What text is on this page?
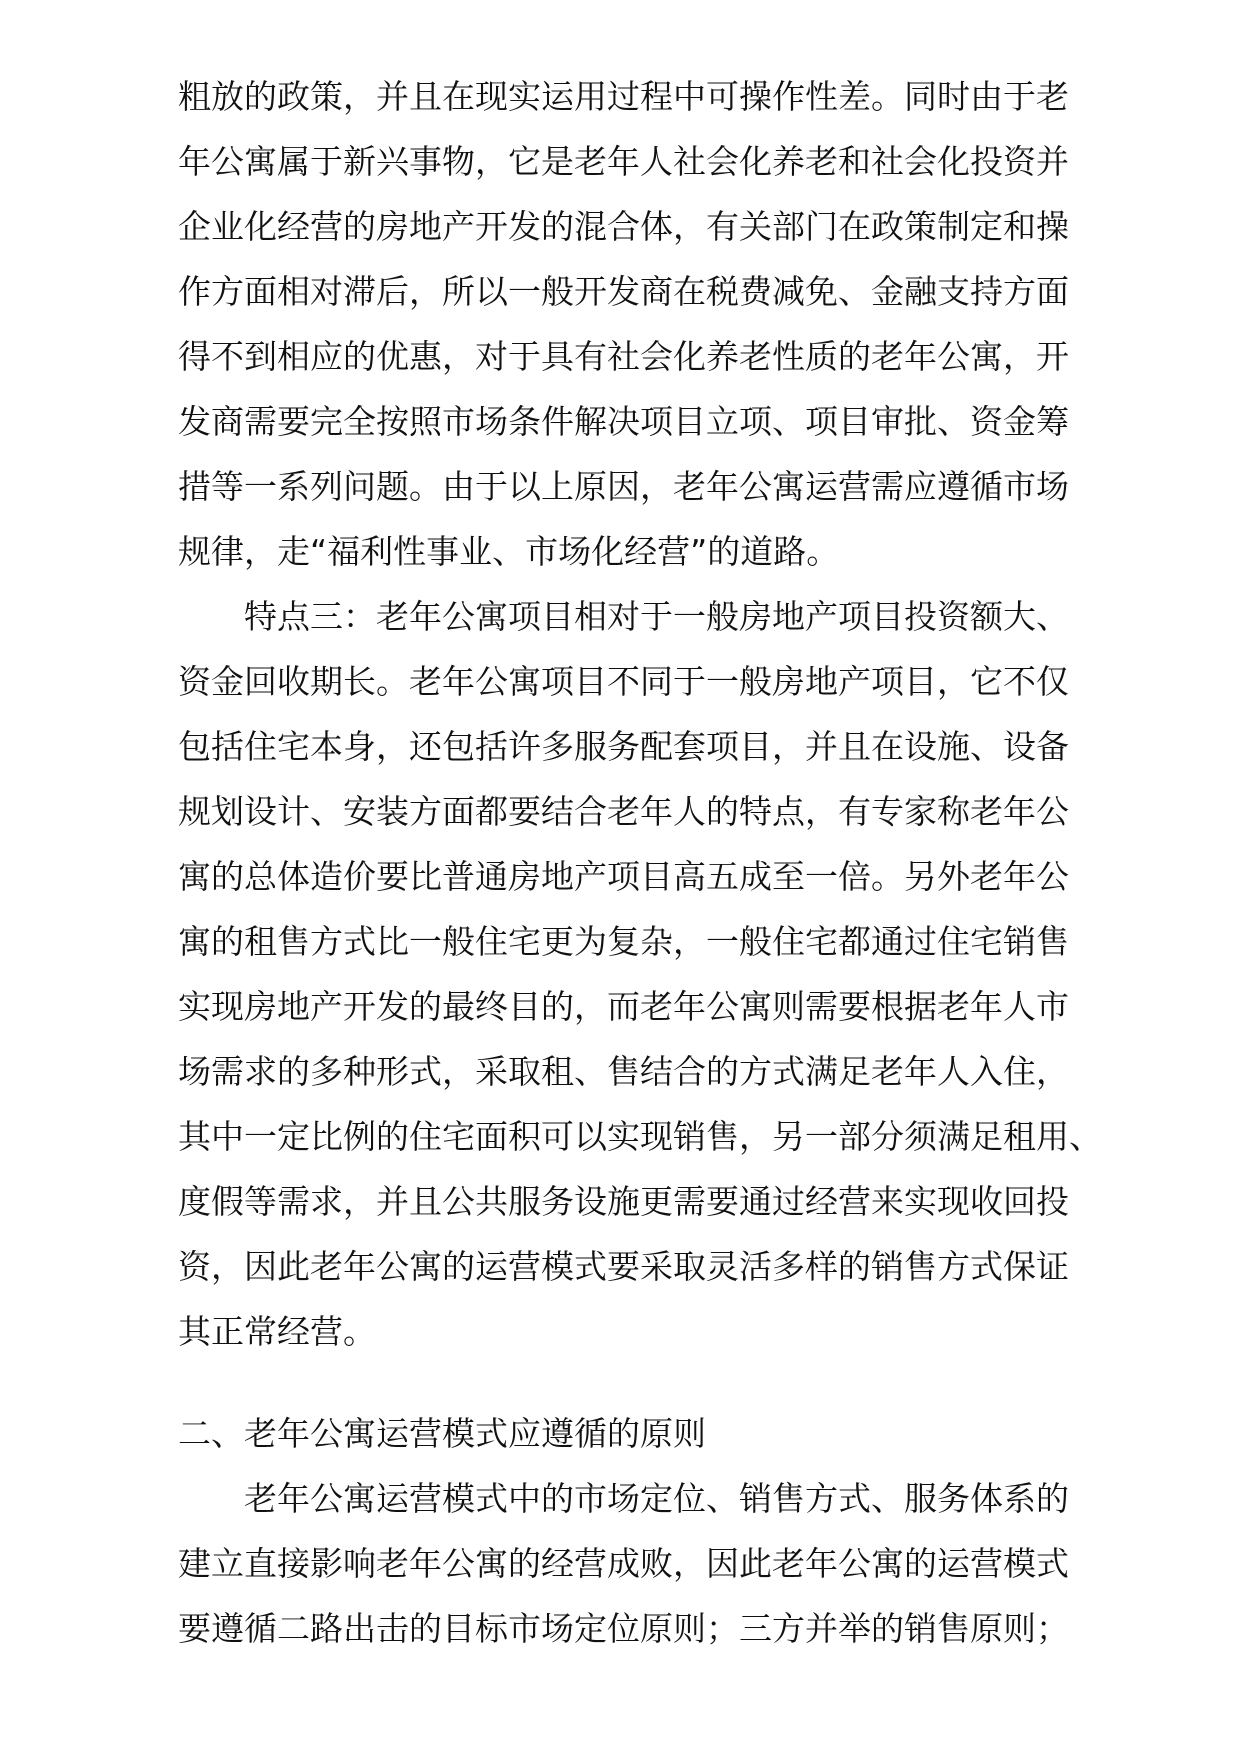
粗放的政策，并且在现实运用过程中可操作性差。同时由于老
年公寓属于新兴事物，它是老年人社会化养老和社会化投资并
企业化经营的房地产开发的混合体，有关部门在政策制定和操
作方面相对滞后，所以一般开发商在税费减免、金融支持方面
得不到相应的优惠，对于具有社会化养老性质的老年公寓，开
发商需要完全按照市场条件解决项目立项、项目审批、资金筹
措等一系列问题。由于以上原因，老年公寓运营需应遵循市场
规律，走“福利性事业、市场化经营”的道路。
特点三：老年公寓项目相对于一般房地产项目投资额大、
资金回收期长。老年公寓项目不同于一般房地产项目，它不仅
包括住宅本身，还包括许多服务配套项目，并且在设施、设备
规划设计、安装方面都要结合老年人的特点，有专家称老年公
寓的总体造价要比普通房地产项目高五成至一倍。另外老年公
寓的租售方式比一般住宅更为复杂，一般住宅都通过住宅销售
实现房地产开发的最终目的，而老年公寓则需要根据老年人市
场需求的多种形式，采取租、售结合的方式满足老年人入住，
其中一定比例的住宅面积可以实现销售，另一部分须满足租用、
度假等需求，并且公共服务设施更需要通过经营来实现收回投
资，因此老年公寓的运营模式要采取灵活多样的销售方式保证
其正常经营。
二、老年公寓运营模式应遵循的原则
老年公寓运营模式中的市场定位、销售方式、服务体系的
建立直接影响老年公寓的经营成败，因此老年公寓的运营模式
要遵循二路出击的目标市场定位原则；三方并举的销售原则；
